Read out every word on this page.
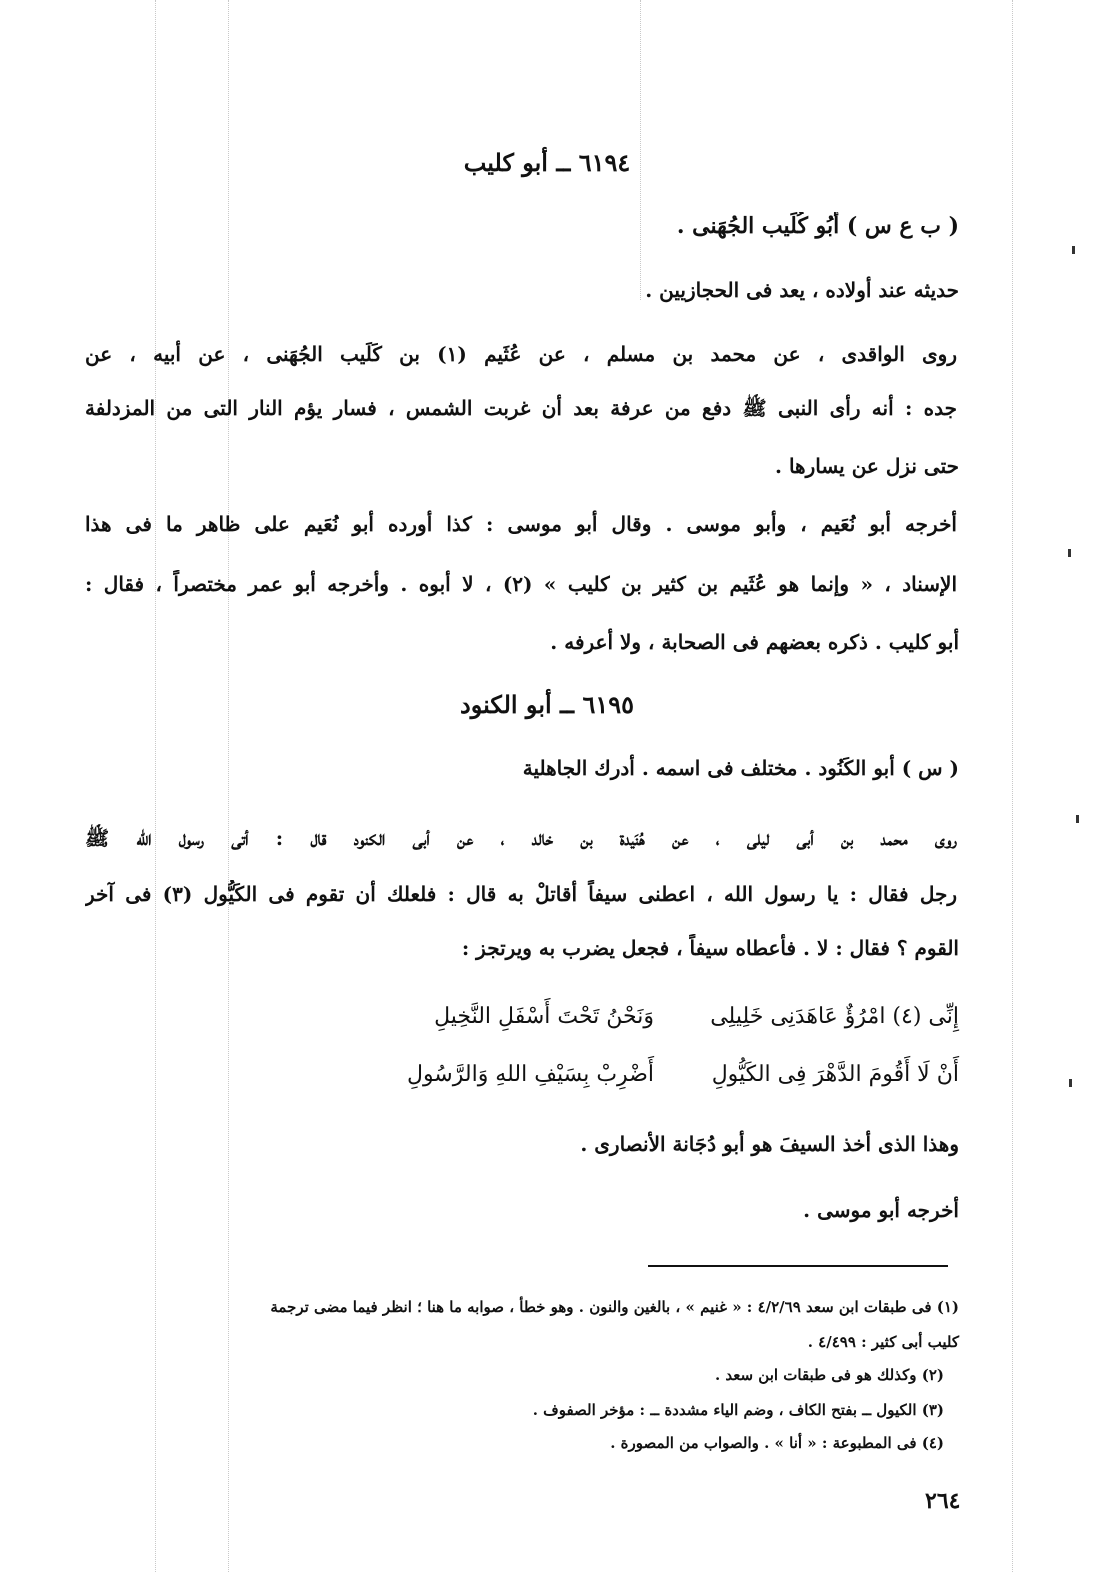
٦١٩٤ ــ أبو كليب
( ب ع س ) أَبُو كُلَيب الجُهَنى .
حديثه عند أولاده ، يعد فى الحجازيين .
روى الواقدى ، عن محمد بن مسلم ، عن عُثَيم (١) بن كَلَيب الجُهَنى ، عن أبيه ، عن
جده : أنه رأى النبى ﷺ دفع من عرفة بعد أن غربت الشمس ، فسار يؤم النار التى من المزدلفة
حتى نزل عن يسارها .
أخرجه أبو نُعَيم ، وأبو موسى . وقال أبو موسى : كذا أورده أبو نُعَيم على ظاهر ما فى هذا
الإسناد ، « وإنما هو عُثَيم بن كثير بن كليب » (٢) ، لا أبوه . وأخرجه أبو عمر مختصراً ، فقال :
أبو كليب . ذكره بعضهم فى الصحابة ، ولا أعرفه .
٦١٩٥ ــ أبو الكنود
( س ) أبو الكَنُود . مختلف فى اسمه . أدرك الجاهلية
روى محمد بن أبى ليلى ، عن هُنَيدة بن خالد ، عن أبى الكنود قال : أتى رسول الله ﷺ
رجل فقال : يا رسول الله ، اعطنى سيفاً أقاتلْ به قال : فلعلك أن تقوم فى الكَيُّول (٣) فى آخر
القوم ؟ فقال : لا . فأعطاه سيفاً ، فجعل يضرب به ويرتجز :
إِنِّى (٤) امْرُؤٌ عَاهَدَنِى خَلِيلِى
وَنَحْنُ تَحْتَ أَسْفَلِ النَّخِيلِ
أَنْ لَا أَقُومَ الدَّهْرَ فِى الكَيُّولِ
أَضْرِبْ بِسَيْفِ اللهِ وَالرَّسُولِ
وهذا الذى أخذ السيفَ هو أبو دُجَانة الأنصارى .
أخرجه أبو موسى .
(١) فى طبقات ابن سعد ٤/٢/٦٩ : « غنيم » ، بالغين والنون . وهو خطأ ، صوابه ما هنا ؛ انظر فيما مضى ترجمة
كليب أبى كثير : ٤/٤٩٩ .
(٢) وكذلك هو فى طبقات ابن سعد .
(٣) الكيول ــ بفتح الكاف ، وضم الياء مشددة ــ : مؤخر الصفوف .
(٤) فى المطبوعة : « أنا » . والصواب من المصورة .
٢٦٤
